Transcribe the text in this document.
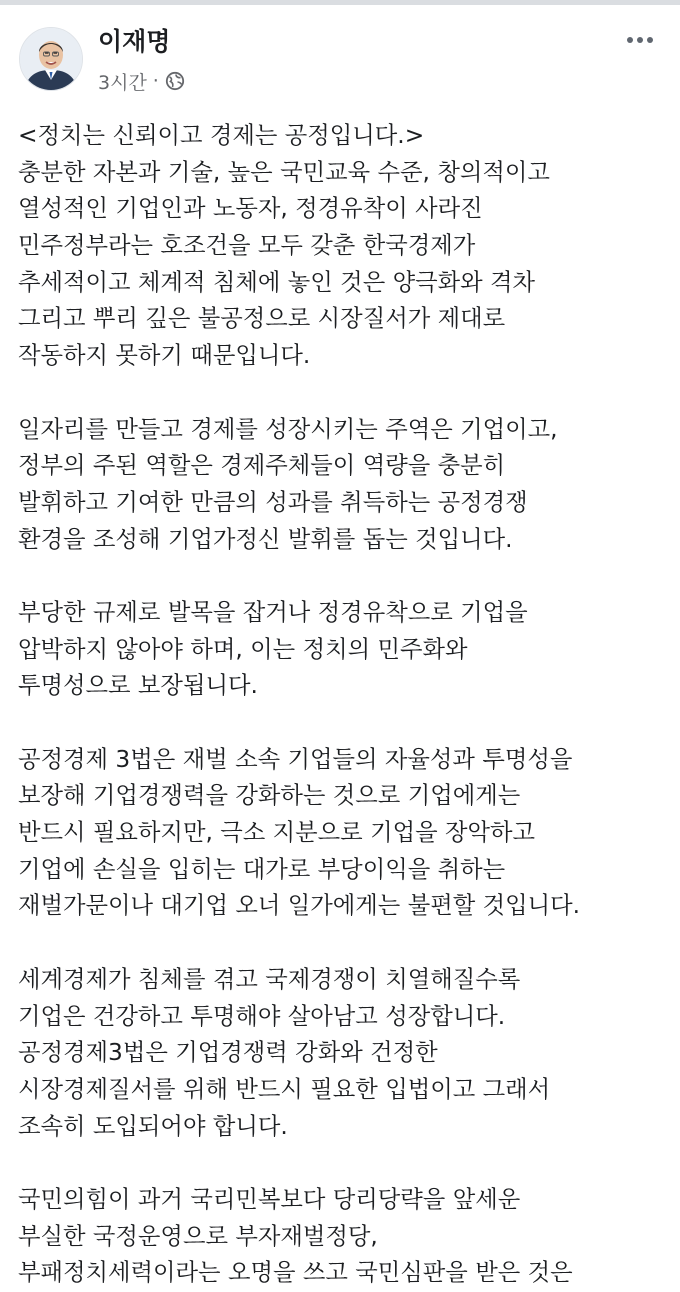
이재명
3시간 ·
<정치는 신뢰이고 경제는 공정입니다.>
충분한 자본과 기술, 높은 국민교육 수준, 창의적이고
열성적인 기업인과 노동자, 정경유착이 사라진
민주정부라는 호조건을 모두 갖춘 한국경제가
추세적이고 체계적 침체에 놓인 것은 양극화와 격차
그리고 뿌리 깊은 불공정으로 시장질서가 제대로
작동하지 못하기 때문입니다.
일자리를 만들고 경제를 성장시키는 주역은 기업이고,
정부의 주된 역할은 경제주체들이 역량을 충분히
발휘하고 기여한 만큼의 성과를 취득하는 공정경쟁
환경을 조성해 기업가정신 발휘를 돕는 것입니다.
부당한 규제로 발목을 잡거나 정경유착으로 기업을
압박하지 않아야 하며, 이는 정치의 민주화와
투명성으로 보장됩니다.
공정경제 3법은 재벌 소속 기업들의 자율성과 투명성을
보장해 기업경쟁력을 강화하는 것으로 기업에게는
반드시 필요하지만, 극소 지분으로 기업을 장악하고
기업에 손실을 입히는 대가로 부당이익을 취하는
재벌가문이나 대기업 오너 일가에게는 불편할 것입니다.
세계경제가 침체를 겪고 국제경쟁이 치열해질수록
기업은 건강하고 투명해야 살아남고 성장합니다.
공정경제3법은 기업경쟁력 강화와 건정한
시장경제질서를 위해 반드시 필요한 입법이고 그래서
조속히 도입되어야 합니다.
국민의힘이 과거 국리민복보다 당리당략을 앞세운
부실한 국정운영으로 부자재벌정당,
부패정치세력이라는 오명을 쓰고 국민심판을 받은 것은
